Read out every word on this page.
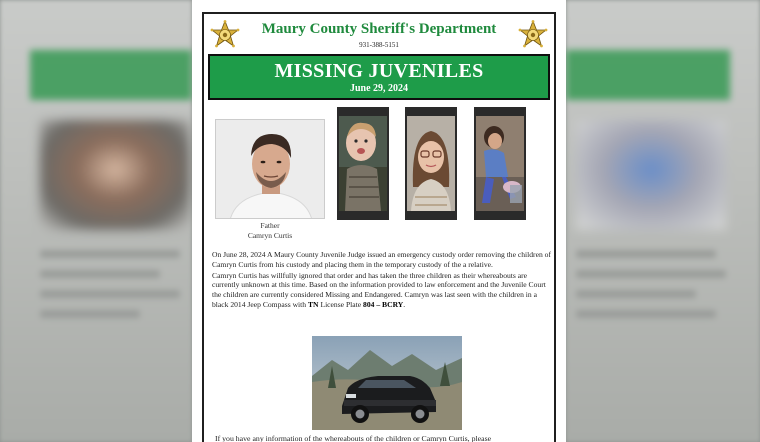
Maury County Sheriff's Department
931-388-5151
MISSING JUVENILES
June 29, 2024
Father
Camryn Curtis

On June 28, 2024 A Maury County Juvenile Judge issued an emergency custody order removing the children of Camryn Curtis from his custody and placing them in the temporary custody of the a relative.

Camryn Curtis has willfully ignored that order and has taken the three children as their whereabouts are currently unknown at this time. Based on the information provided to law enforcement and the Juvenile Court the children are currently considered Missing and Endangered. Camryn was last seen with the children in a black 2014 Jeep Compass with TN License Plate 804 – BCRY.

If you have any information of the whereabouts of the children or Camryn Curtis, please
